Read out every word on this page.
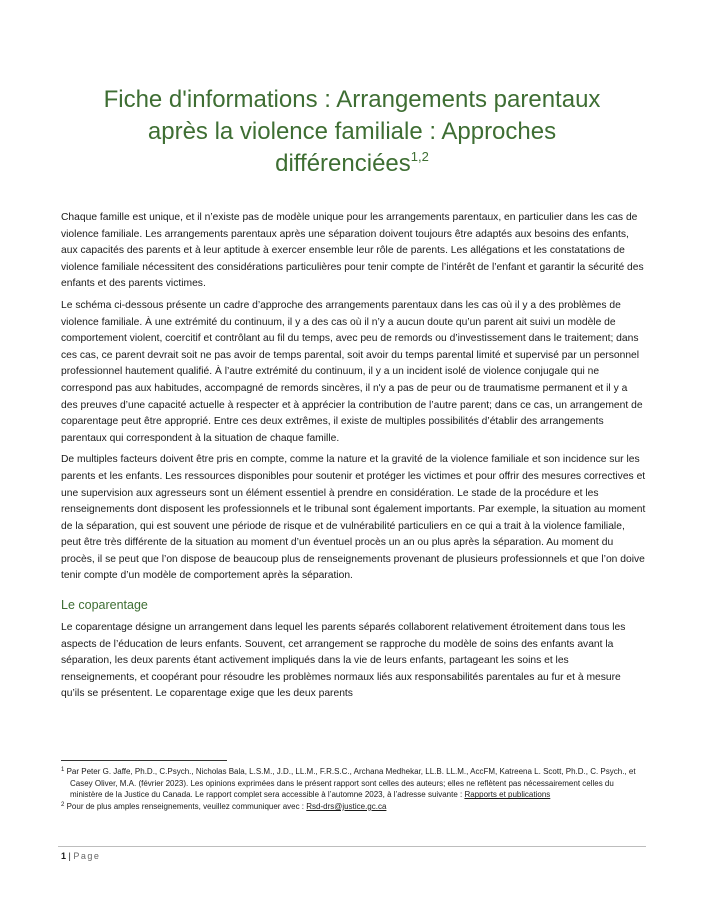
Fiche d'informations : Arrangements parentaux
après la violence familiale : Approches
différenciées$^{1,2}$

Chaque famille est unique, et il n’existe pas de modèle unique pour les arrangements parentaux, en particulier dans les cas de violence familiale. Les arrangements parentaux après une séparation doivent toujours être adaptés aux besoins des enfants, aux capacités des parents et à leur aptitude à exercer ensemble leur rôle de parents. Les allégations et les constatations de violence familiale nécessitent des considérations particulières pour tenir compte de l’intérêt de l’enfant et garantir la sécurité des enfants et des parents victimes.

Le schéma ci-dessous présente un cadre d’approche des arrangements parentaux dans les cas où il y a des problèmes de violence familiale. À une extrémité du continuum, il y a des cas où il n’y a aucun doute qu’un parent ait suivi un modèle de comportement violent, coercitif et contrôlant au fil du temps, avec peu de remords ou d’investissement dans le traitement; dans ces cas, ce parent devrait soit ne pas avoir de temps parental, soit avoir du temps parental limité et supervisé par un personnel professionnel hautement qualifié. À l’autre extrémité du continuum, il y a un incident isolé de violence conjugale qui ne correspond pas aux habitudes, accompagné de remords sincères, il n'y a pas de peur ou de traumatisme permanent et il y a des preuves d’une capacité actuelle à respecter et à apprécier la contribution de l’autre parent; dans ce cas, un arrangement de coparentage peut être approprié. Entre ces deux extrêmes, il existe de multiples possibilités d’établir des arrangements parentaux qui correspondent à la situation de chaque famille.

De multiples facteurs doivent être pris en compte, comme la nature et la gravité de la violence familiale et son incidence sur les parents et les enfants. Les ressources disponibles pour soutenir et protéger les victimes et pour offrir des mesures correctives et une supervision aux agresseurs sont un élément essentiel à prendre en considération. Le stade de la procédure et les renseignements dont disposent les professionnels et le tribunal sont également importants. Par exemple, la situation au moment de la séparation, qui est souvent une période de risque et de vulnérabilité particuliers en ce qui a trait à la violence familiale, peut être très différente de la situation au moment d’un éventuel procès un an ou plus après la séparation. Au moment du procès, il se peut que l’on dispose de beaucoup plus de renseignements provenant de plusieurs professionnels et que l’on doive tenir compte d’un modèle de comportement après la séparation.

Le coparentage

Le coparentage désigne un arrangement dans lequel les parents séparés collaborent relativement étroitement dans tous les aspects de l’éducation de leurs enfants. Souvent, cet arrangement se rapproche du modèle de soins des enfants avant la séparation, les deux parents étant activement impliqués dans la vie de leurs enfants, partageant les soins et les renseignements, et coopérant pour résoudre les problèmes normaux liés aux responsabilités parentales au fur et à mesure qu’ils se présentent. Le coparentage exige que les deux parents

$^1$ Par Peter G. Jaffe, Ph.D., C.Psych., Nicholas Bala, L.S.M., J.D., LL.M., F.R.S.C., Archana Medhekar, LL.B. LL.M., AccFM, Katreena L. Scott, Ph.D., C. Psych., et Casey Oliver, M.A. (février 2023). Les opinions exprimées dans le présent rapport sont celles des auteurs; elles ne reflètent pas nécessairement celles du ministère de la Justice du Canada. Le rapport complet sera accessible à l’automne 2023, à l’adresse suivante : Rapports et publications

$^2$ Pour de plus amples renseignements, veuillez communiquer avec : Rsd-drs@justice.gc.ca

1 | Page
